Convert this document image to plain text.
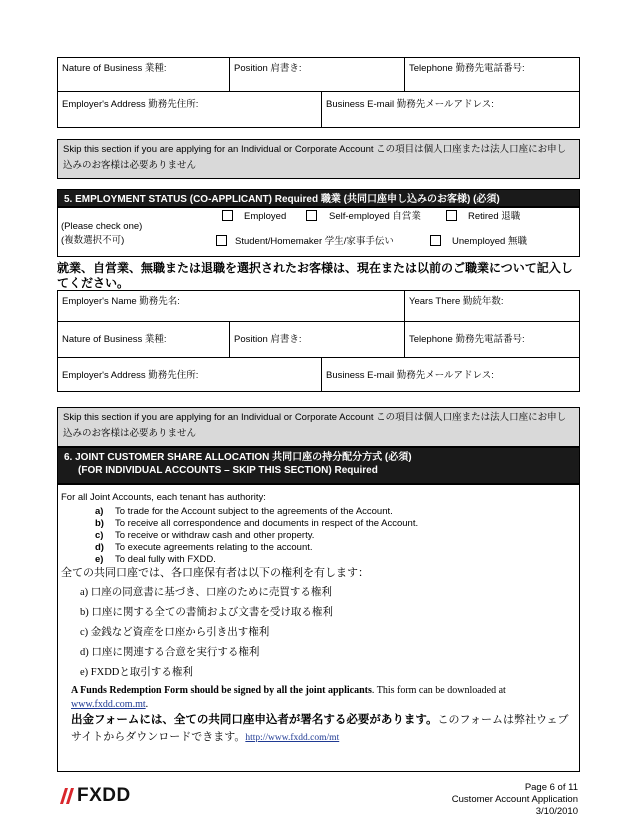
Nature of Business 業種:	Position 肩書き:	Telephone 勤務先電話番号:
Employer's Address 勤務先住所:	Business E-mail 勤務先メールアドレス:
Skip this section if you are applying for an Individual or Corporate Account この項目は個人口座または法人口座にお申し込みのお客様は必要ありません
5. EMPLOYMENT STATUS (CO-APPLICANT) Required 職業 (共同口座申し込みのお客様) (必須)
(Please check one)
(複数選択不可)
Employed	Self-employed 自営業	Retired 退職
Student/Homemaker 学生/家事手伝い	Unemployed 無職
就業、自営業、無職または退職を選択されたお客様は、現在または以前のご職業について記入してください。
Employer's Name 勤務先名:	Years There 勤続年数:
Nature of Business 業種:	Position 肩書き:	Telephone 勤務先電話番号:
Employer's Address 勤務先住所:	Business E-mail 勤務先メールアドレス:
Skip this section if you are applying for an Individual or Corporate Account この項目は個人口座または法人口座にお申し込みのお客様は必要ありません
6. JOINT CUSTOMER SHARE ALLOCATION 共同口座の持分配分方式 (必須)
(FOR INDIVIDUAL ACCOUNTS – SKIP THIS SECTION) Required
For all Joint Accounts, each tenant has authority:
a) To trade for the Account subject to the agreements of the Account.
b) To receive all correspondence and documents in respect of the Account.
c) To receive or withdraw cash and other property.
d) To execute agreements relating to the account.
e) To deal fully with FXDD.
全ての共同口座では、各口座保有者は以下の権利を有します：
a) 口座の同意書に基づき、口座のために売買する権利
b) 口座に関する全ての書簡および文書を受け取る権利
c) 金銭など資産を口座から引き出す権利
d) 口座に関連する合意を実行する権利
e) FXDDと取引する権利
A Funds Redemption Form should be signed by all the joint applicants. This form can be downloaded at
www.fxdd.com.mt.
出金フォームには、全ての共同口座申込者が署名する必要があります。このフォームは弊社ウェブ
サイトからダウンロードできます。http://www.fxdd.com/mt
FXDD	Page 6 of 11
Customer Account Application
3/10/2010
